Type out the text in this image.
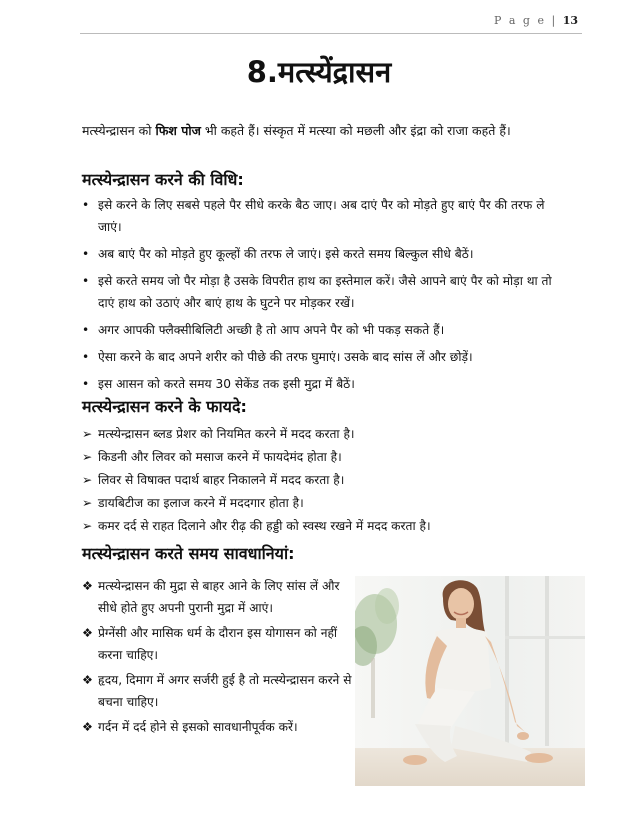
P a g e | 13
8.मत्स्येंद्रासन
मत्स्येन्द्रासन को फिश पोज भी कहते हैं। संस्कृत में मत्स्या को मछली और इंद्रा को राजा कहते हैं।
मत्स्येन्द्रासन करने की विधि:
• इसे करने के लिए सबसे पहले पैर सीधे करके बैठ जाए। अब दाएं पैर को मोड़ते हुए बाएं पैर की तरफ ले जाएं।
• अब बाएं पैर को मोड़ते हुए कूल्हों की तरफ ले जाएं। इसे करते समय बिल्कुल सीधे बैठें।
• इसे करते समय जो पैर मोड़ा है उसके विपरीत हाथ का इस्तेमाल करें। जैसे आपने बाएं पैर को मोड़ा था तो दाएं हाथ को उठाएं और बाएं हाथ के घुटने पर मोड़कर रखें।
• अगर आपकी फ्लैक्सीबिलिटी अच्छी है तो आप अपने पैर को भी पकड़ सकते हैं।
• ऐसा करने के बाद अपने शरीर को पीछे की तरफ घुमाएं। उसके बाद सांस लें और छोड़ें।
• इस आसन को करते समय 30 सेकेंड तक इसी मुद्रा में बैठें।
मत्स्येन्द्रासन करने के फायदे:
➢ मत्स्येन्द्रासन ब्लड प्रेशर को नियमित करने में मदद करता है।
➢ किडनी और लिवर को मसाज करने में फायदेमंद होता है।
➢ लिवर से विषाक्त पदार्थ बाहर निकालने में मदद करता है।
➢ डायबिटीज का इलाज करने में मददगार होता है।
➢ कमर दर्द से राहत दिलाने और रीढ़ की हड्डी को स्वस्थ रखने में मदद करता है।
मत्स्येन्द्रासन करते समय सावधानियां:
❖ मत्स्येन्द्रासन की मुद्रा से बाहर आने के लिए सांस लें और सीधे होते हुए अपनी पुरानी मुद्रा में आएं।
❖ प्रेग्नेंसी और मासिक धर्म के दौरान इस योगासन को नहीं करना चाहिए।
❖ हृदय, दिमाग में अगर सर्जरी हुई है तो मत्स्येन्द्रासन करने से बचना चाहिए।
❖ गर्दन में दर्द होने से इसको सावधानीपूर्वक करें।
